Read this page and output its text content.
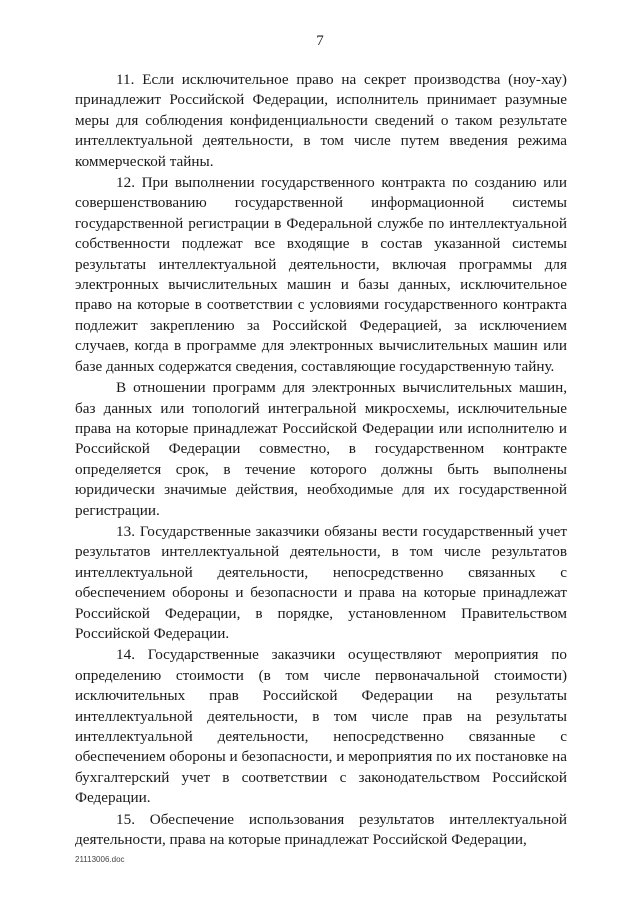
7

11. Если исключительное право на секрет производства (ноу-хау) принадлежит Российской Федерации, исполнитель принимает разумные меры для соблюдения конфиденциальности сведений о таком результате интеллектуальной деятельности, в том числе путем введения режима коммерческой тайны.

12. При выполнении государственного контракта по созданию или совершенствованию государственной информационной системы государственной регистрации в Федеральной службе по интеллектуальной собственности подлежат все входящие в состав указанной системы результаты интеллектуальной деятельности, включая программы для электронных вычислительных машин и базы данных, исключительное право на которые в соответствии с условиями государственного контракта подлежит закреплению за Российской Федерацией, за исключением случаев, когда в программе для электронных вычислительных машин или базе данных содержатся сведения, составляющие государственную тайну.

В отношении программ для электронных вычислительных машин, баз данных или топологий интегральной микросхемы, исключительные права на которые принадлежат Российской Федерации или исполнителю и Российской Федерации совместно, в государственном контракте определяется срок, в течение которого должны быть выполнены юридически значимые действия, необходимые для их государственной регистрации.

13. Государственные заказчики обязаны вести государственный учет результатов интеллектуальной деятельности, в том числе результатов интеллектуальной деятельности, непосредственно связанных с обеспечением обороны и безопасности и права на которые принадлежат Российской Федерации, в порядке, установленном Правительством Российской Федерации.

14. Государственные заказчики осуществляют мероприятия по определению стоимости (в том числе первоначальной стоимости) исключительных прав Российской Федерации на результаты интеллектуальной деятельности, в том числе прав на результаты интеллектуальной деятельности, непосредственно связанные с обеспечением обороны и безопасности, и мероприятия по их постановке на бухгалтерский учет в соответствии с законодательством Российской Федерации.

15. Обеспечение использования результатов интеллектуальной деятельности, права на которые принадлежат Российской Федерации,

21113006.doc
